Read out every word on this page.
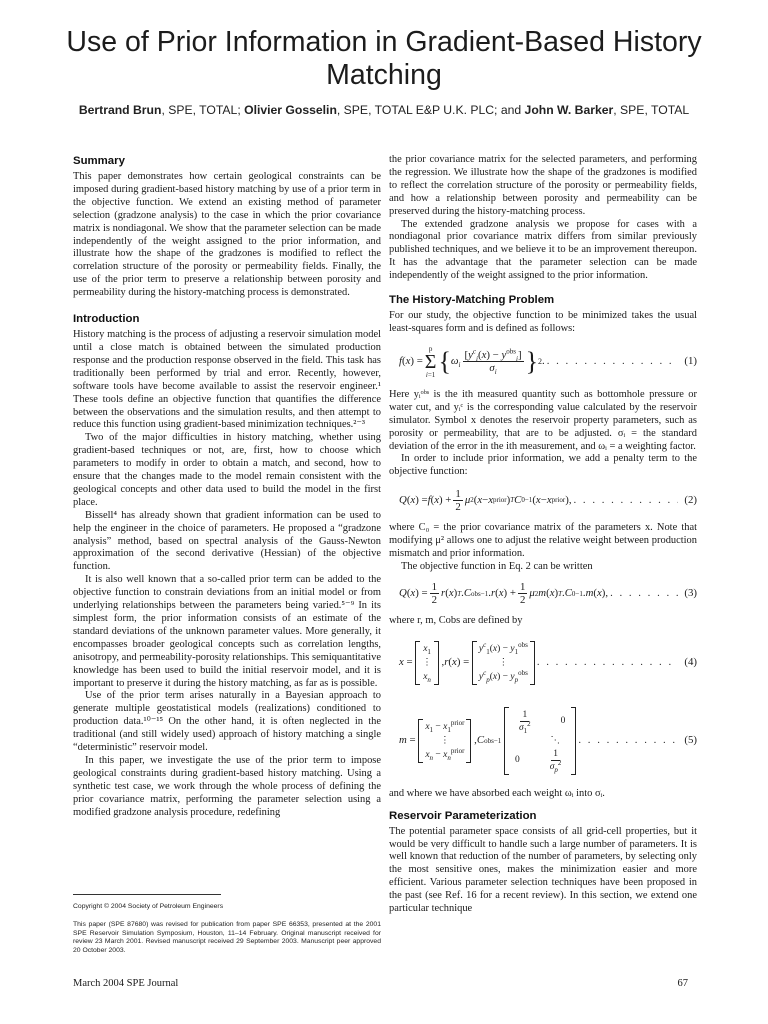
Use of Prior Information in Gradient-Based History Matching
Bertrand Brun, SPE, TOTAL; Olivier Gosselin, SPE, TOTAL E&P U.K. PLC; and John W. Barker, SPE, TOTAL
Summary

This paper demonstrates how certain geological constraints can be imposed during gradient-based history matching by use of a prior term in the objective function. We extend an existing method of parameter selection (gradzone analysis) to the case in which the prior covariance matrix is nondiagonal. We show that the parameter selection can be made independently of the weight assigned to the prior information, and illustrate how the shape of the gradzones is modified to reflect the correlation structure of the porosity or permeability fields. Finally, the use of the prior term to preserve a relationship between porosity and permeability during the history-matching process is demonstrated.

Introduction

History matching is the process of adjusting a reservoir simulation model until a close match is obtained between the simulated production response and the production response observed in the field. This task has traditionally been performed by trial and error. Recently, however, software tools have become available to assist the reservoir engineer.¹ These tools define an objective function that quantifies the difference between the observations and the simulation results, and then attempt to reduce this function using gradient-based minimization techniques.²⁻³

Two of the major difficulties in history matching, whether using gradient-based techniques or not, are, first, how to choose which parameters to modify in order to obtain a match, and second, how to ensure that the changes made to the model remain consistent with the geological concepts and other data used to build the model in the first place.

Bissell⁴ has already shown that gradient information can be used to help the engineer in the choice of parameters. He proposed a “gradzone analysis” method, based on spectral analysis of the Gauss-Newton approximation of the second derivative (Hessian) of the objective function.

It is also well known that a so-called prior term can be added to the objective function to constrain deviations from an initial model or from underlying relationships between the parameters being varied.⁵⁻⁹ In its simplest form, the prior information consists of an estimate of the standard deviations of the unknown parameter values. More generally, it encompasses broader geological concepts such as correlation lengths, anisotropy, and permeability-porosity relationships. This semiquantitative knowledge has been used to build the initial reservoir model, and it is important to preserve it during the history matching, as far as is possible.

Use of the prior term arises naturally in a Bayesian approach to generate multiple geostatistical models (realizations) conditioned to production data.¹⁰⁻¹⁵ On the other hand, it is often neglected in the traditional (and still widely used) approach of history matching a single “deterministic” reservoir model.

In this paper, we investigate the use of the prior term to impose geological constraints during gradient-based history matching. Using a synthetic test case, we work through the whole process of defining the prior covariance matrix, performing the parameter selection using a modified gradzone analysis procedure, redefining

the prior covariance matrix for the selected parameters, and performing the regression. We illustrate how the shape of the gradzones is modified to reflect the correlation structure of the porosity or permeability fields, and how a relationship between porosity and permeability can be preserved during the history-matching process.

The extended gradzone analysis we propose for cases with a nondiagonal prior covariance matrix differs from similar previously published techniques, and we believe it to be an improvement thereupon. It has the advantage that the parameter selection can be made independently of the weight assigned to the prior information.

The History-Matching Problem

For our study, the objective function to be minimized takes the usual least-squares form and is defined as follows:

f ( x ) =
p
Σ
i=1 { $\omega_i \frac{[y^c_i(x) - y^{obs}_i]}{\sigma_i}$ } 2 . . . .	(1)

Here yᵢᵒᵇˢ is the ith measured quantity such as bottomhole pressure or water cut, and yᵢᶜ is the corresponding value calculated by the reservoir simulator. Symbol x denotes the reservoir property parameters, such as porosity or permeability, that are to be adjusted. σᵢ = the standard deviation of the error in the ith measurement, and ωᵢ = a weighting factor.

In order to include prior information, we add a penalty term to the objective function:

Q ( x ) = f ( x ) + $\frac{1}{2}$ μ 2 ( x − x prior ) T C 0 −1 ( x − x prior ), . . .	(2)

where C₀ = the prior covariance matrix of the parameters x. Note that modifying μ² allows one to adjust the relative weight between production mismatch and prior information.

The objective function in Eq. 2 can be written

Q ( x ) = $\frac{1}{2}$ r ( x ) T . C obs −1 . r ( x ) + $\frac{1}{2}$ μ 2 m ( x ) T . C 0 −1 . m ( x ), . . .	(3)

where r, m, Cobs are defined by

x =
$x_1$
⋮
$x_n$
, r ( x ) =
$y^c_1(x) - y_1^{obs}$
⋮
$y^c_p(x) - y_p^{obs}$
. . .
(4)
m =
$x_1 - x_1^{prior}$
⋮
$x_n - x_n^{prior}$
, C obs −1

$\frac{1}{\sigma_1^2}$	0
⋱
0	$\frac{1}{\sigma_p^2}$
. . .
(5)

and where we have absorbed each weight ωᵢ into σᵢ.

Reservoir Parameterization

The potential parameter space consists of all grid-cell properties, but it would be very difficult to handle such a large number of parameters. It is well known that reduction of the number of parameters, by selecting only the most sensitive ones, makes the minimization easier and more efficient. Various parameter selection techniques have been proposed in the past (see Ref. 16 for a recent review). In this section, we extend one particular technique

Copyright © 2004 Society of Petroleum Engineers
This paper (SPE 87680) was revised for publication from paper SPE 66353, presented at the 2001 SPE Reservoir Simulation Symposium, Houston, 11–14 February. Original manuscript received for review 23 March 2001. Revised manuscript received 29 September 2003. Manuscript peer approved 20 October 2003.
March 2004 SPE Journal	67
